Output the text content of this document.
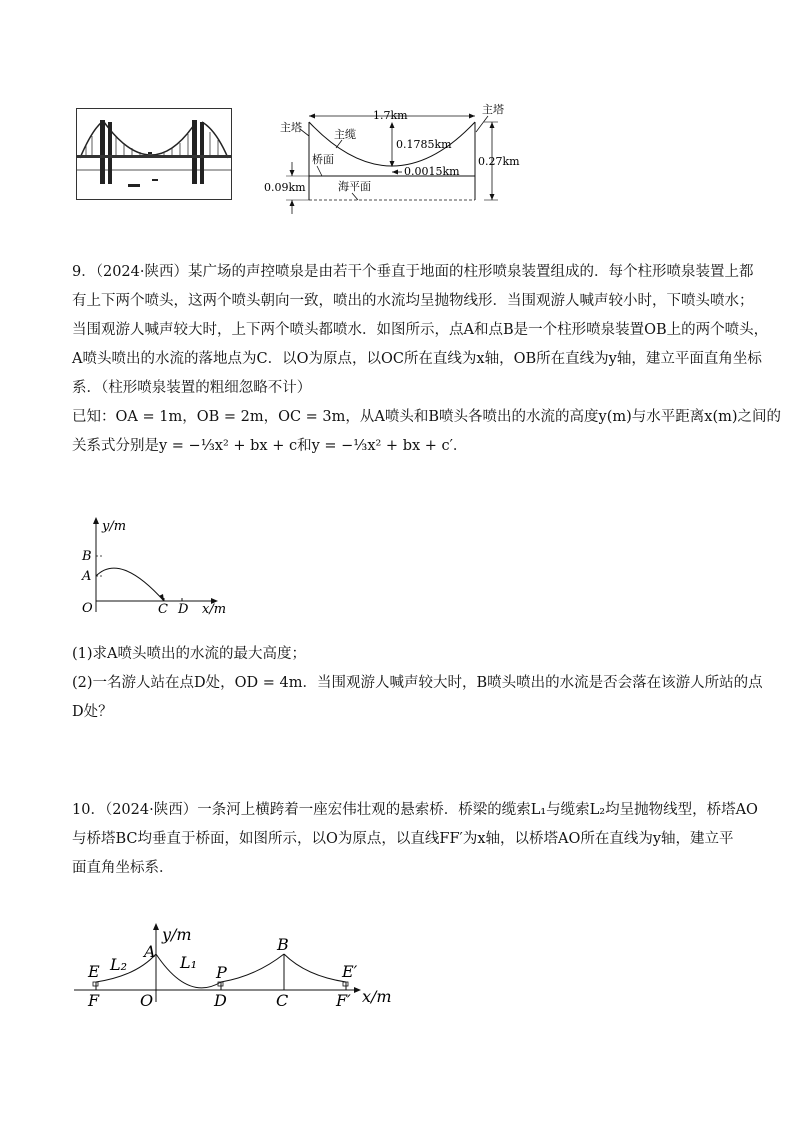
1.7km
0.1785km
0.0015km
0.27km
0.09km
主塔
主塔
主缆
桥面
海平面
9．（2024·陕西）某广场的声控喷泉是由若干个垂直于地面的柱形喷泉装置组成的．每个柱形喷泉装置上都
有上下两个喷头，这两个喷头朝向一致，喷出的水流均呈抛物线形．当围观游人喊声较小时，下喷头喷水；
当围观游人喊声较大时，上下两个喷头都喷水．如图所示，点A和点B是一个柱形喷泉装置OB上的两个喷头，
A喷头喷出的水流的落地点为C．以O为原点，以OC所在直线为x轴，OB所在直线为y轴，建立平面直角坐标
系．（柱形喷泉装置的粗细忽略不计）
已知：OA = 1m，OB = 2m，OC = 3m，从A喷头和B喷头各喷出的水流的高度y(m)与水平距离x(m)之间的
关系式分别是y = −⅓x² + bx + c和y = −⅓x² + bx + c′．
y/m
x/m
B
A
O	C D
(1)求A喷头喷出的水流的最大高度；
(2)一名游人站在点D处，OD = 4m．当围观游人喊声较大时，B喷头喷出的水流是否会落在该游人所站的点
D处？
10．（2024·陕西）一条河上横跨着一座宏伟壮观的悬索桥．桥梁的缆索L₁与缆索L₂均呈抛物线型，桥塔AO
与桥塔BC均垂直于桥面，如图所示，以O为原点，以直线FF′为x轴，以桥塔AO所在直线为y轴，建立平
面直角坐标系．
y/m
x/m
E L₂
A
L₁
P
B
E′
F	O	D	C	F′
